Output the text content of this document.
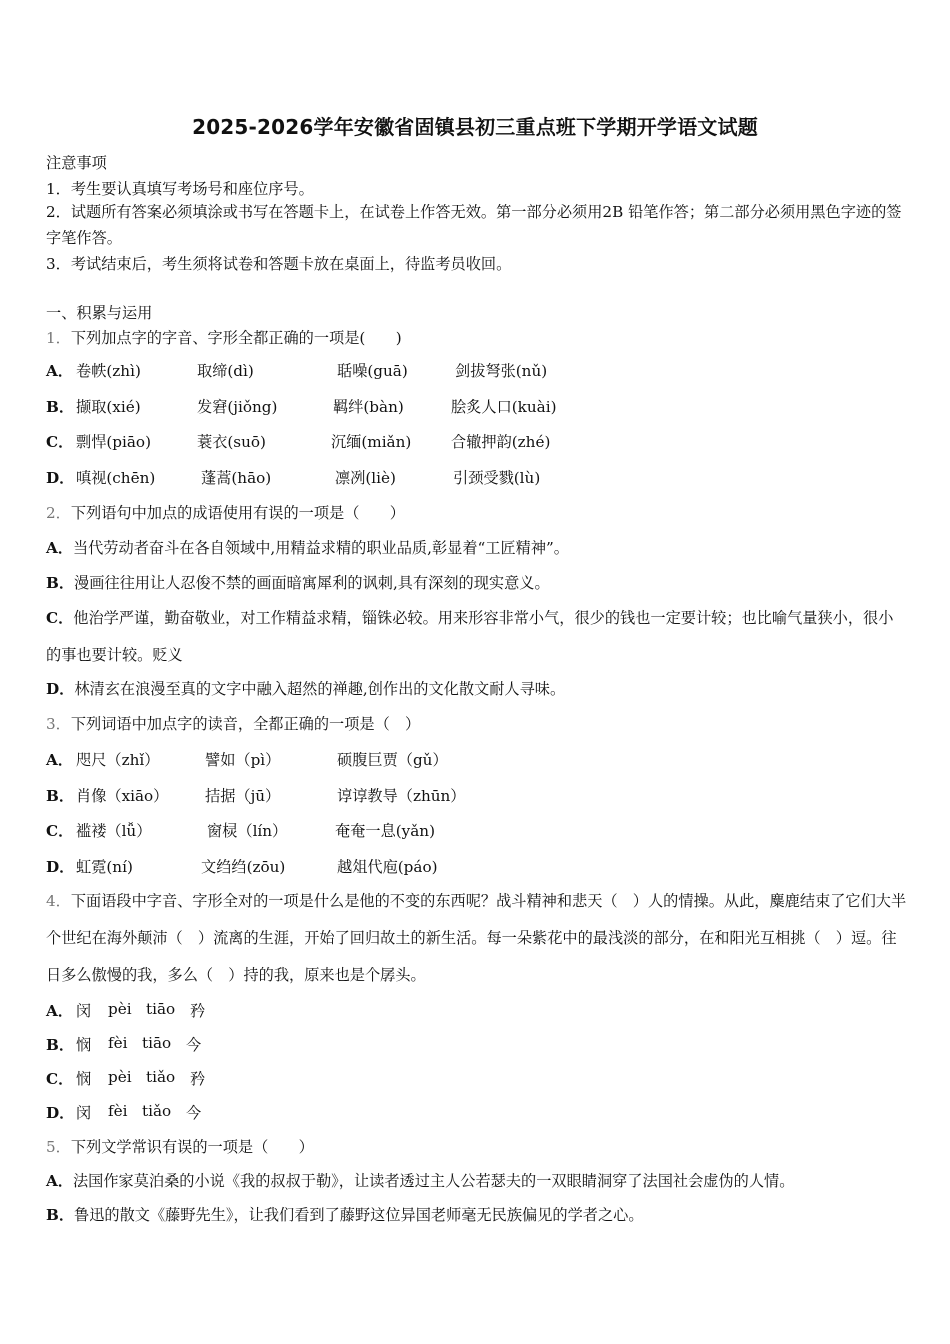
2025-2026学年安徽省固镇县初三重点班下学期开学语文试题
注意事项
1．考生要认真填写考场号和座位序号。
2．试题所有答案必须填涂或书写在答题卡上，在试卷上作答无效。第一部分必须用2B 铅笔作答；第二部分必须用黑色字迹的签字笔作答。
3．考试结束后，考生须将试卷和答题卡放在桌面上，待监考员收回。
一、积累与运用
1．下列加点字的字音、字形全都正确的一项是(　　)
A． 卷帙(zhì)	取缔(dì)	聒噪(guā)	剑拔弩张(nǔ)
B． 撷取(xié)	发窘(jiǒng)	羁绊(bàn)	脍炙人口(kuài)
C． 剽悍(piāo)	蓑衣(suō)	沉缅(miǎn)	合辙押韵(zhé)
D． 嗔视(chēn)	蓬蒿(hāo)	凛冽(liè)	引颈受戮(lù)
2．下列语句中加点的成语使用有误的一项是（　　）
A．当代劳动者奋斗在各自领域中,用精益求精的职业品质,彰显着“工匠精神”。
B．漫画往往用让人忍俊不禁的画面暗寓犀利的讽刺,具有深刻的现实意义。
C．他治学严谨，勤奋敬业，对工作精益求精，锱铢必较。用来形容非常小气，很少的钱也一定要计较；也比喻气量狭小，很小的事也要计较。贬义
D．林清玄在浪漫至真的文字中融入超然的禅趣,创作出的文化散文耐人寻味。
3．下列词语中加点字的读音，全都正确的一项是（　）
A． 咫尺（zhǐ）	譬如（pì）	硕腹巨贾（gǔ）
B． 肖像（xiāo） 拮据（jū）	谆谆教导（zhūn）
C． 褴褛（lǚ）	窗棂（lín）	奄奄一息(yǎn)
D． 虹霓(ní)	文绉绉(zōu)	越俎代庖(páo)
4．下面语段中字音、字形全对的一项是什么是他的不变的东西呢？战斗精神和悲天（　）人的情操。从此，麋鹿结束了它们大半个世纪在海外颠沛（　）流离的生涯，开始了回归故土的新生活。每一朵紫花中的最浅淡的部分，在和阳光互相挑（　）逗。往日多么傲慢的我，多么（　）持的我，原来也是个孱头。
A． 闵 pèi tiāo 矜
B． 悯 fèi tiāo 今
C． 悯 pèi tiǎo 矜
D． 闵 fèi tiǎo 今
5．下列文学常识有误的一项是（　　）
A．法国作家莫泊桑的小说《我的叔叔于勒》，让读者透过主人公若瑟夫的一双眼睛洞穿了法国社会虚伪的人情。
B．鲁迅的散文《藤野先生》，让我们看到了藤野这位异国老师毫无民族偏见的学者之心。
